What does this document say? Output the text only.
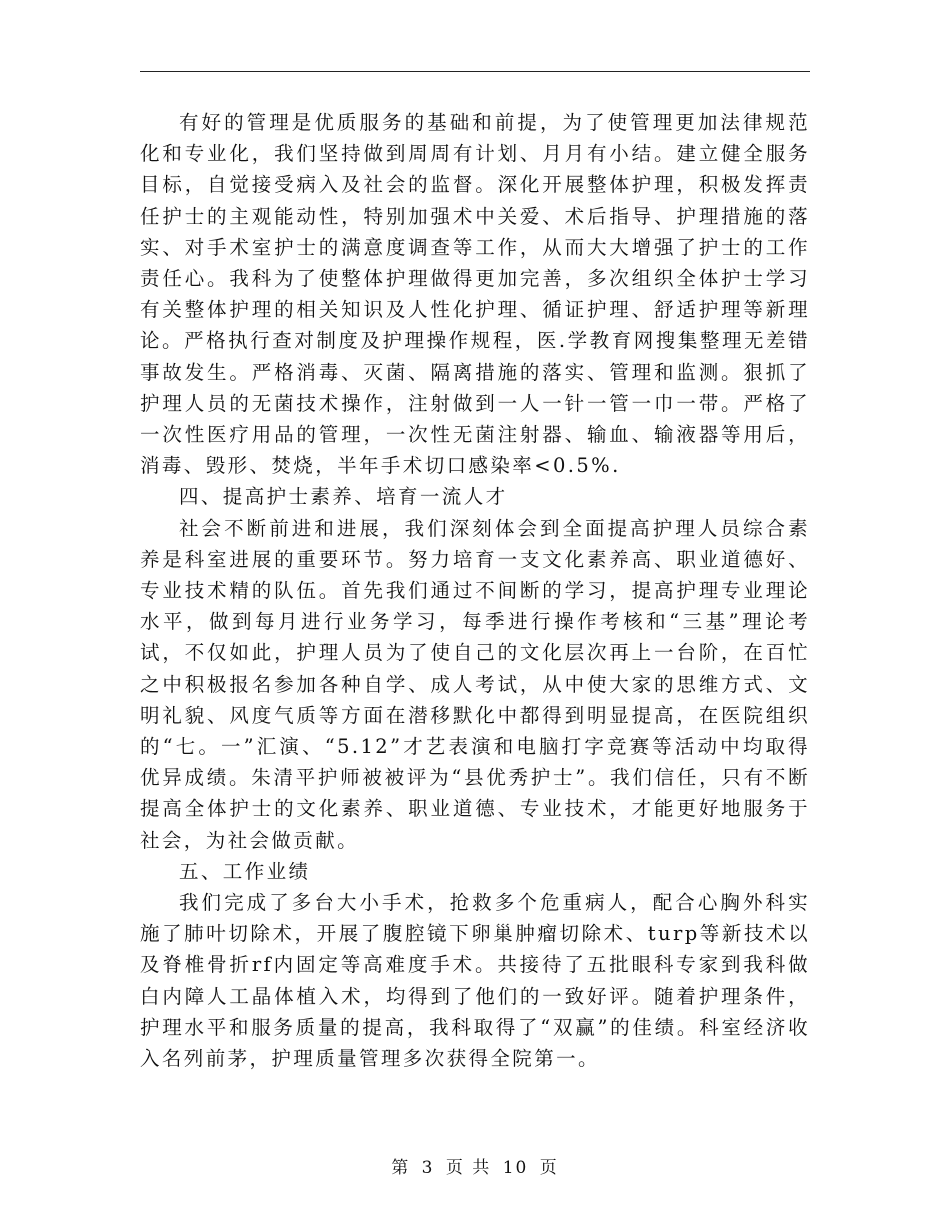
有好的管理是优质服务的基础和前提，为了使管理更加法律规范化和专业化，我们坚持做到周周有计划、月月有小结。建立健全服务目标，自觉接受病入及社会的监督。深化开展整体护理，积极发挥责任护士的主观能动性，特别加强术中关爱、术后指导、护理措施的落实、对手术室护士的满意度调查等工作，从而大大增强了护士的工作责任心。我科为了使整体护理做得更加完善，多次组织全体护士学习有关整体护理的相关知识及人性化护理、循证护理、舒适护理等新理论。严格执行查对制度及护理操作规程，医.学教育网搜集整理无差错事故发生。严格消毒、灭菌、隔离措施的落实、管理和监测。狠抓了护理人员的无菌技术操作，注射做到一人一针一管一巾一带。严格了一次性医疗用品的管理，一次性无菌注射器、输血、输液器等用后，消毒、毁形、焚烧，半年手术切口感染率<0.5%.

四、提高护士素养、培育一流人才

社会不断前进和进展，我们深刻体会到全面提高护理人员综合素养是科室进展的重要环节。努力培育一支文化素养高、职业道德好、专业技术精的队伍。首先我们通过不间断的学习，提高护理专业理论水平，做到每月进行业务学习，每季进行操作考核和“三基”理论考试，不仅如此，护理人员为了使自己的文化层次再上一台阶，在百忙之中积极报名参加各种自学、成人考试，从中使大家的思维方式、文明礼貌、风度气质等方面在潜移默化中都得到明显提高，在医院组织的“七。一”汇演、“5.12”才艺表演和电脑打字竞赛等活动中均取得优异成绩。朱清平护师被被评为“县优秀护士”。我们信任，只有不断提高全体护士的文化素养、职业道德、专业技术，才能更好地服务于社会，为社会做贡献。

五、工作业绩

我们完成了多台大小手术，抢救多个危重病人，配合心胸外科实施了肺叶切除术，开展了腹腔镜下卵巢肿瘤切除术、turp等新技术以及脊椎骨折rf内固定等高难度手术。共接待了五批眼科专家到我科做白内障人工晶体植入术，均得到了他们的一致好评。随着护理条件，护理水平和服务质量的提高，我科取得了“双赢”的佳绩。科室经济收入名列前茅，护理质量管理多次获得全院第一。

第 3 页 共 10 页
